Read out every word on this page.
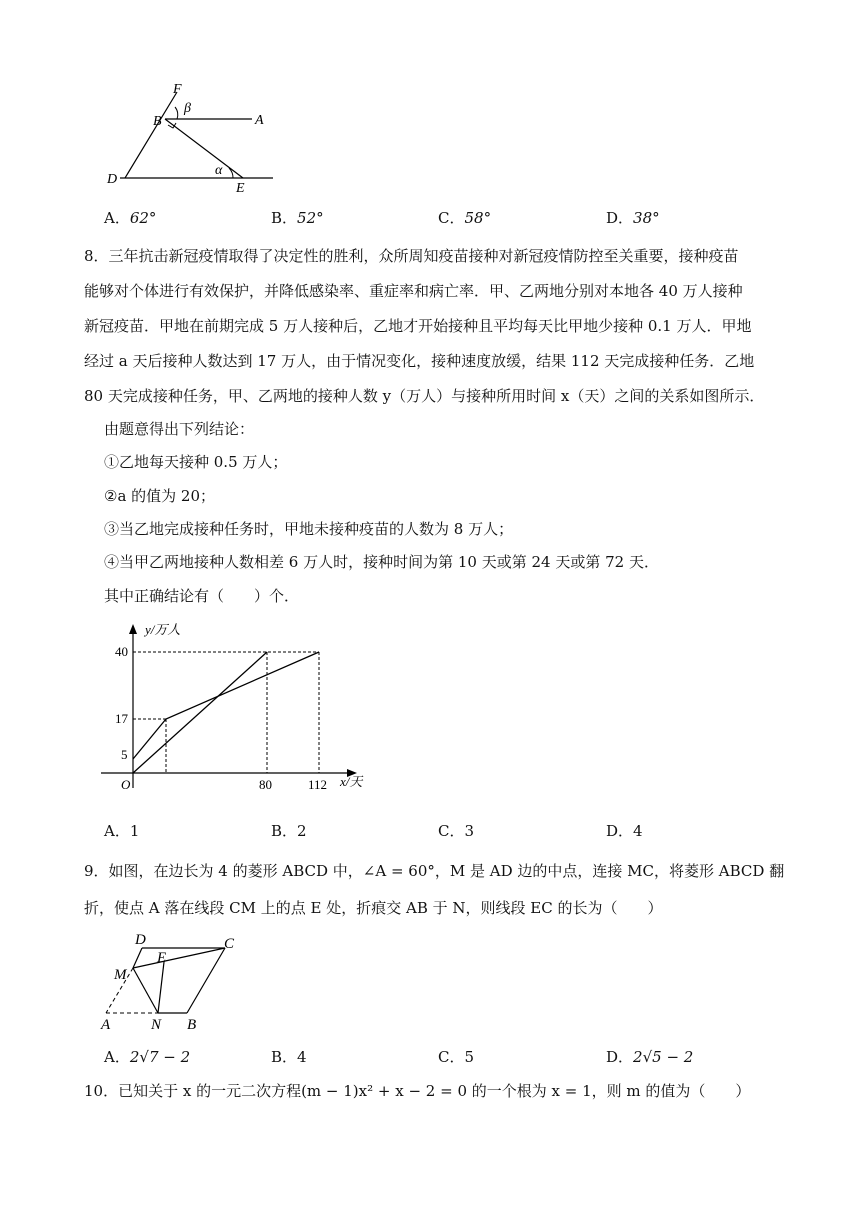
F
β
B	A
D
α
E
A．62°	B．52°	C．58°	D．38°
8．三年抗击新冠疫情取得了决定性的胜利，众所周知疫苗接种对新冠疫情防控至关重要，接种疫苗
能够对个体进行有效保护，并降低感染率、重症率和病亡率．甲、乙两地分别对本地各 40 万人接种
新冠疫苗．甲地在前期完成 5 万人接种后，乙地才开始接种且平均每天比甲地少接种 0.1 万人．甲地
经过 a 天后接种人数达到 17 万人，由于情况变化，接种速度放缓，结果 112 天完成接种任务．乙地
80 天完成接种任务，甲、乙两地的接种人数 y（万人）与接种所用时间 x（天）之间的关系如图所示．
由题意得出下列结论：
①乙地每天接种 0.5 万人；
②a 的值为 20；
③当乙地完成接种任务时，甲地未接种疫苗的人数为 8 万人；
④当甲乙两地接种人数相差 6 万人时，接种时间为第 10 天或第 24 天或第 72 天．
其中正确结论有（　　）个．
y/万人
x/天
O
40
17
5
80	112
A．1	B．2	C．3	D．4
9．如图，在边长为 4 的菱形 ABCD 中，∠A = 60°，M 是 AD 边的中点，连接 MC，将菱形 ABCD 翻
折，使点 A 落在线段 CM 上的点 E 处，折痕交 AB 于 N，则线段 EC 的长为（　　）
D	C
E
M
A	N B
A．2√7 − 2	B．4	C．5	D．2√5 − 2
10．已知关于 x 的一元二次方程(m − 1)x² + x − 2 = 0 的一个根为 x = 1，则 m 的值为（　　）
